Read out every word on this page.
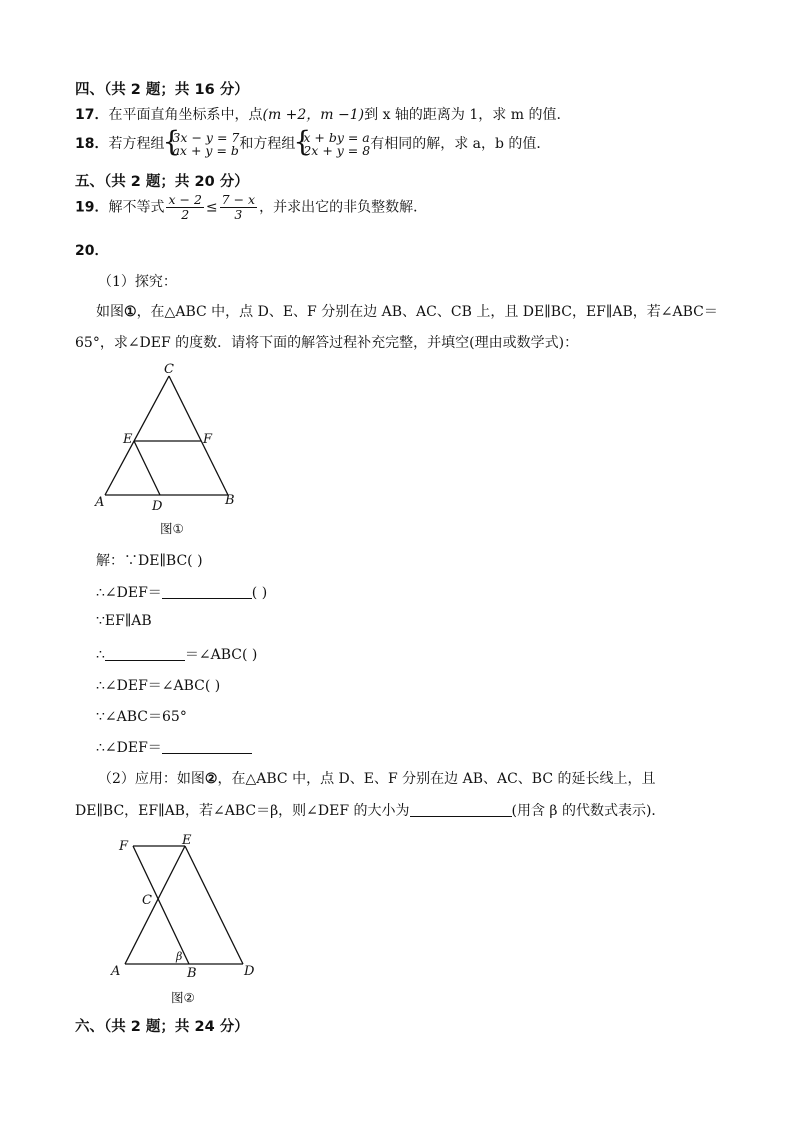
四、（共 2 题；共 16 分）
17．在平面直角坐标系中，点(m +2，m −1)到 x 轴的距离为 1，求 m 的值.
18．若方程组 { 3x − y = 7
ax + y = b 和方程组 { x + by = a
2x + y = 8 有相同的解，求 a，b 的值．
五、（共 2 题；共 20 分）
19．解不等式 $\frac{x - 2}{2} \le \frac{7 - x}{3}$ ，并求出它的非负整数解．
20．
（1）探究：
如图①，在△ABC 中，点 D、E、F 分别在边 AB、AC、CB 上，且 DE∥BC，EF∥AB，若∠ABC＝
65°，求∠DEF 的度数．请将下面的解答过程补充完整，并填空(理由或数学式)：
C
E	F
A	D	B
图①
解：∵DE∥BC( )
∴∠DEF＝	( )
∵EF∥AB
∴	＝∠ABC( )
∴∠DEF＝∠ABC( )
∵∠ABC＝65°
∴∠DEF＝
（2）应用：如图②，在△ABC 中，点 D、E、F 分别在边 AB、AC、BC 的延长线上，且
DE∥BC，EF∥AB，若∠ABC＝β，则∠DEF 的大小为	(用含 β 的代数式表示)．
F	E
C
β
A	B	D
图②
六、（共 2 题；共 24 分）
